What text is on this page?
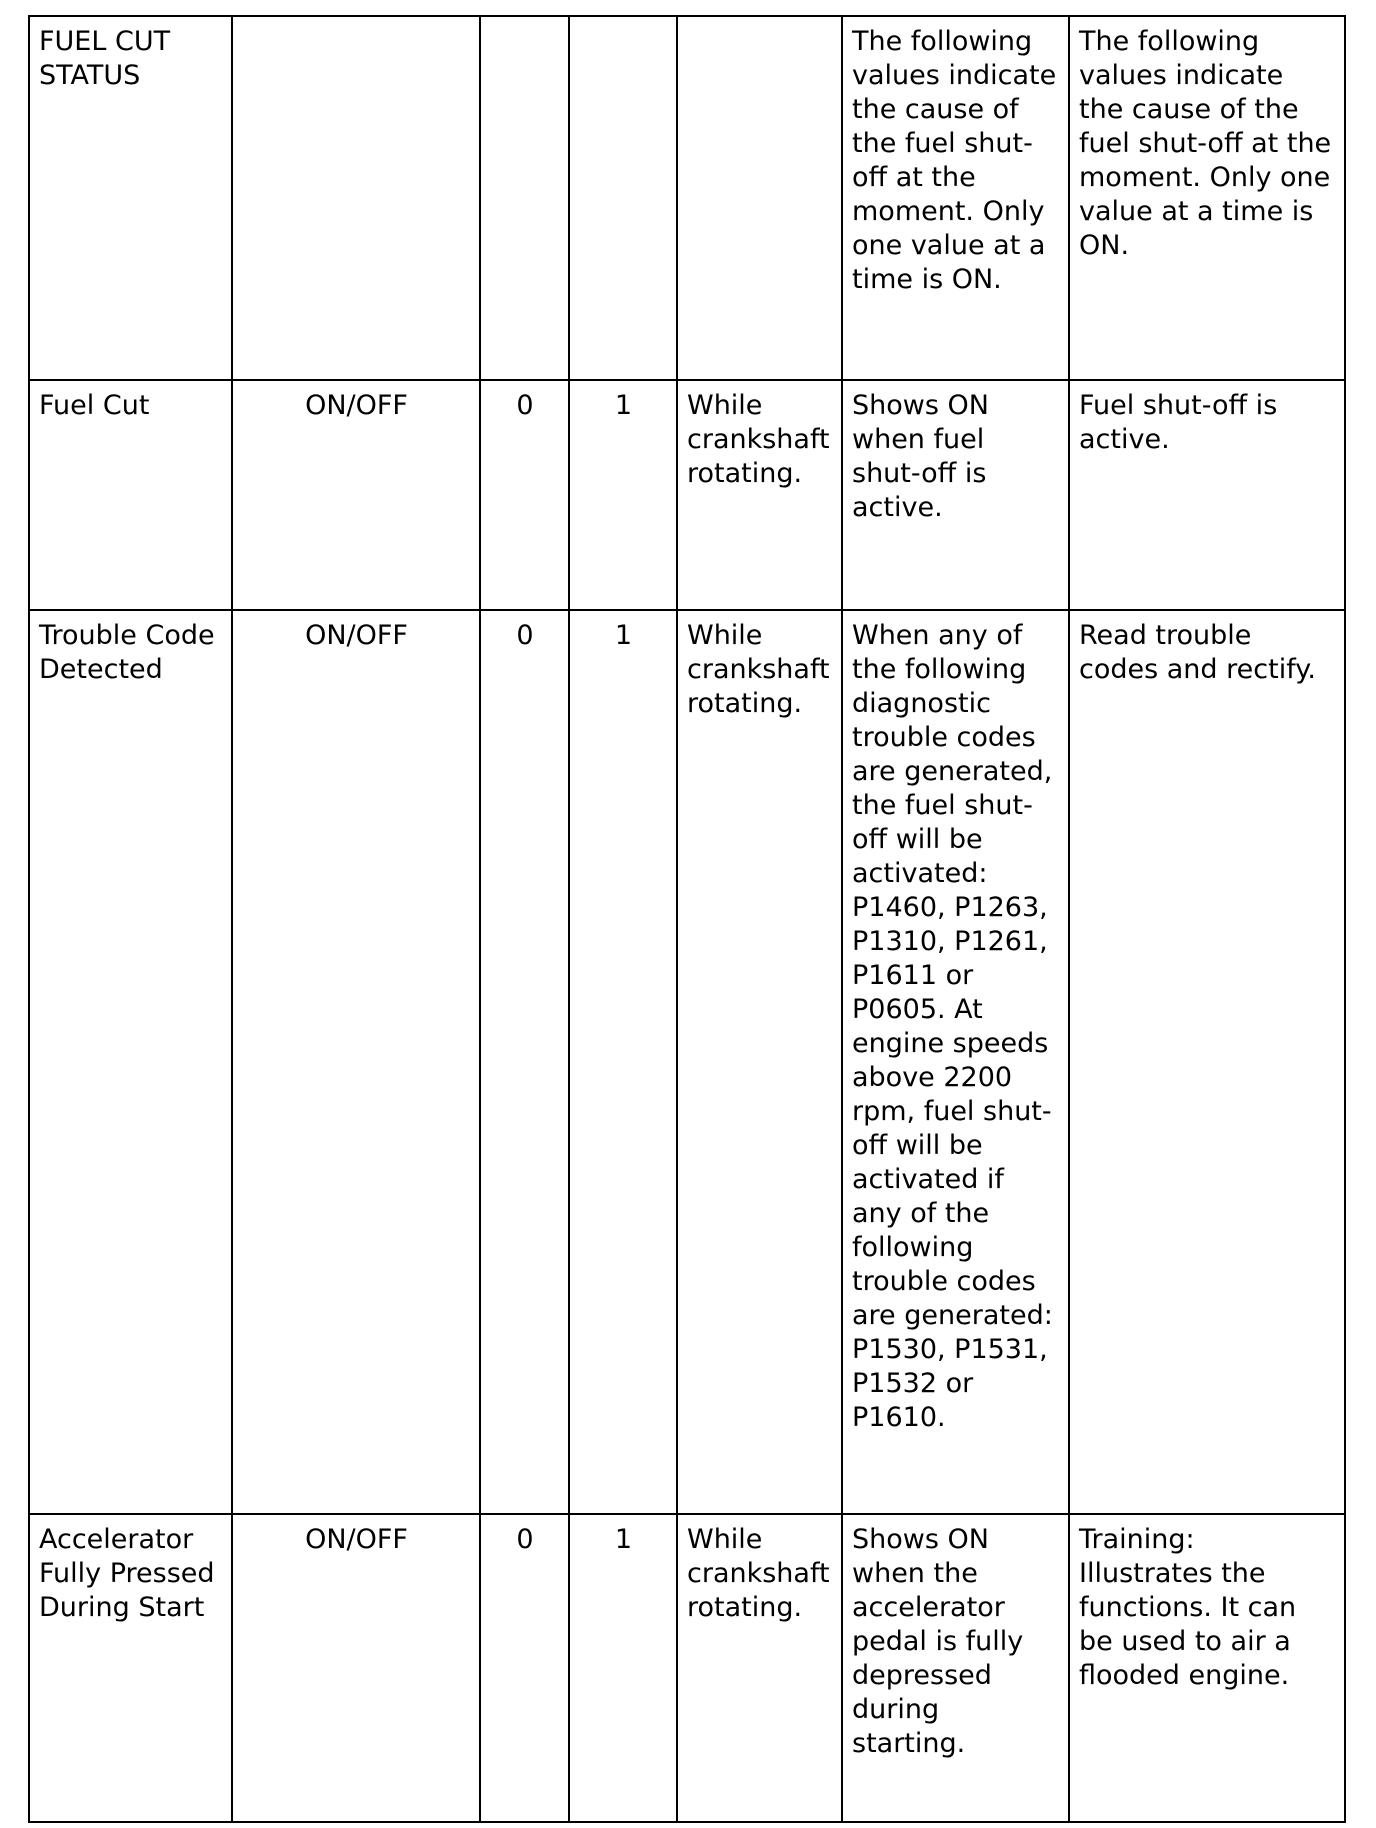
FUEL CUT STATUS					The following values indicate the cause of the fuel shut-off at the moment. Only one value at a time is ON.	The following values indicate the cause of the fuel shut-off at the moment. Only one value at a time is ON.
Fuel Cut	ON/OFF	0	1	While crankshaft rotating.	Shows ON when fuel shut-off is active.	Fuel shut-off is active.
Trouble Code Detected	ON/OFF	0	1	While crankshaft rotating.	When any of the following diagnostic trouble codes are generated, the fuel shut-off will be activated: P1460, P1263, P1310, P1261, P1611 or P0605. At engine speeds above 2200 rpm, fuel shut-off will be activated if any of the following trouble codes are generated: P1530, P1531, P1532 or P1610.	Read trouble codes and rectify.
Accelerator Fully Pressed During Start	ON/OFF	0	1	While crankshaft rotating.	Shows ON when the accelerator pedal is fully depressed during starting.	Training: Illustrates the functions. It can be used to air a flooded engine.
